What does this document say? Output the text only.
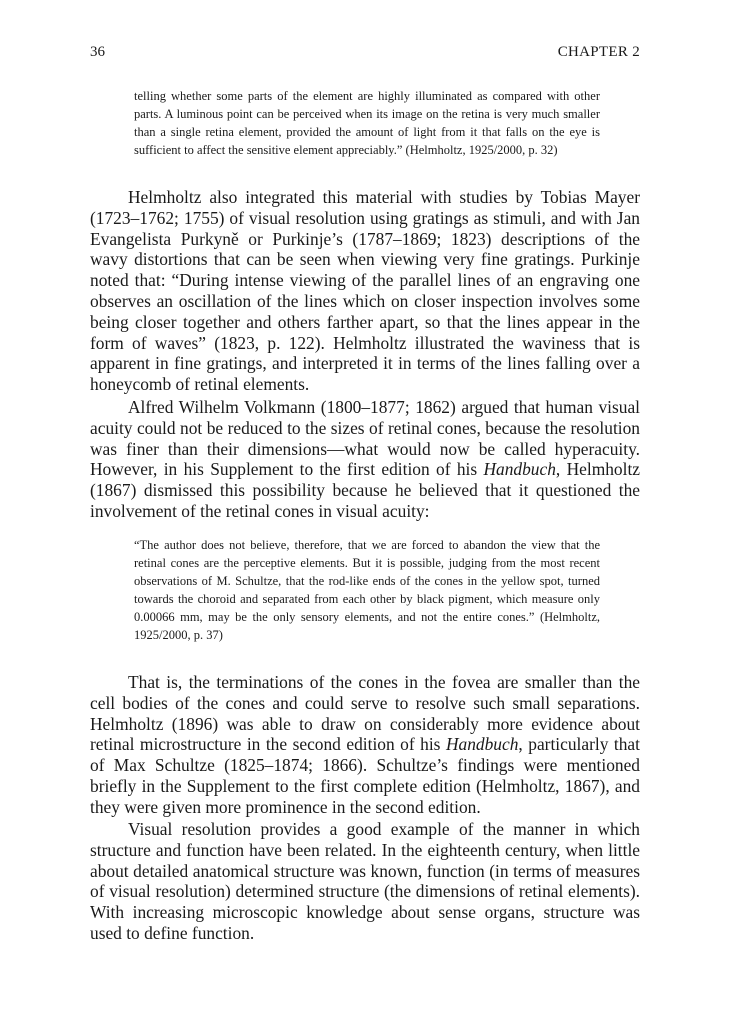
36	CHAPTER 2

telling whether some parts of the element are highly illuminated as compared with other parts. A luminous point can be perceived when its image on the retina is very much smaller than a single retina element, provided the amount of light from it that falls on the eye is sufficient to affect the sensitive element appreciably.” (Helmholtz, 1925/2000, p. 32)

Helmholtz also integrated this material with studies by Tobias Mayer (1723–1762; 1755) of visual resolution using gratings as stimuli, and with Jan Evangelista Purkyně or Purkinje’s (1787–1869; 1823) descriptions of the wavy distortions that can be seen when viewing very fine gratings. Purkinje noted that: “During intense viewing of the parallel lines of an engraving one observes an oscillation of the lines which on closer inspection involves some being closer together and others farther apart, so that the lines appear in the form of waves” (1823, p. 122). Helmholtz illustrated the waviness that is apparent in fine gratings, and interpreted it in terms of the lines falling over a honeycomb of retinal elements.

Alfred Wilhelm Volkmann (1800–1877; 1862) argued that human visual acuity could not be reduced to the sizes of retinal cones, because the resolution was finer than their dimensions—what would now be called hyperacuity. However, in his Supplement to the first edition of his Handbuch, Helmholtz (1867) dismissed this possibility because he believed that it questioned the involvement of the retinal cones in visual acuity:

“The author does not believe, therefore, that we are forced to abandon the view that the retinal cones are the perceptive elements. But it is possible, judging from the most recent observations of M. Schultze, that the rod-like ends of the cones in the yellow spot, turned towards the choroid and separated from each other by black pigment, which measure only 0.00066 mm, may be the only sensory elements, and not the entire cones.” (Helmholtz, 1925/2000, p. 37)

That is, the terminations of the cones in the fovea are smaller than the cell bodies of the cones and could serve to resolve such small separations. Helmholtz (1896) was able to draw on considerably more evidence about retinal microstructure in the second edition of his Handbuch, particularly that of Max Schultze (1825–1874; 1866). Schultze’s findings were mentioned briefly in the Supplement to the first complete edition (Helmholtz, 1867), and they were given more prominence in the second edition.

Visual resolution provides a good example of the manner in which structure and function have been related. In the eighteenth century, when little about detailed anatomical structure was known, function (in terms of measures of visual resolution) determined structure (the dimensions of retinal elements). With increasing microscopic knowledge about sense organs, structure was used to define function.
